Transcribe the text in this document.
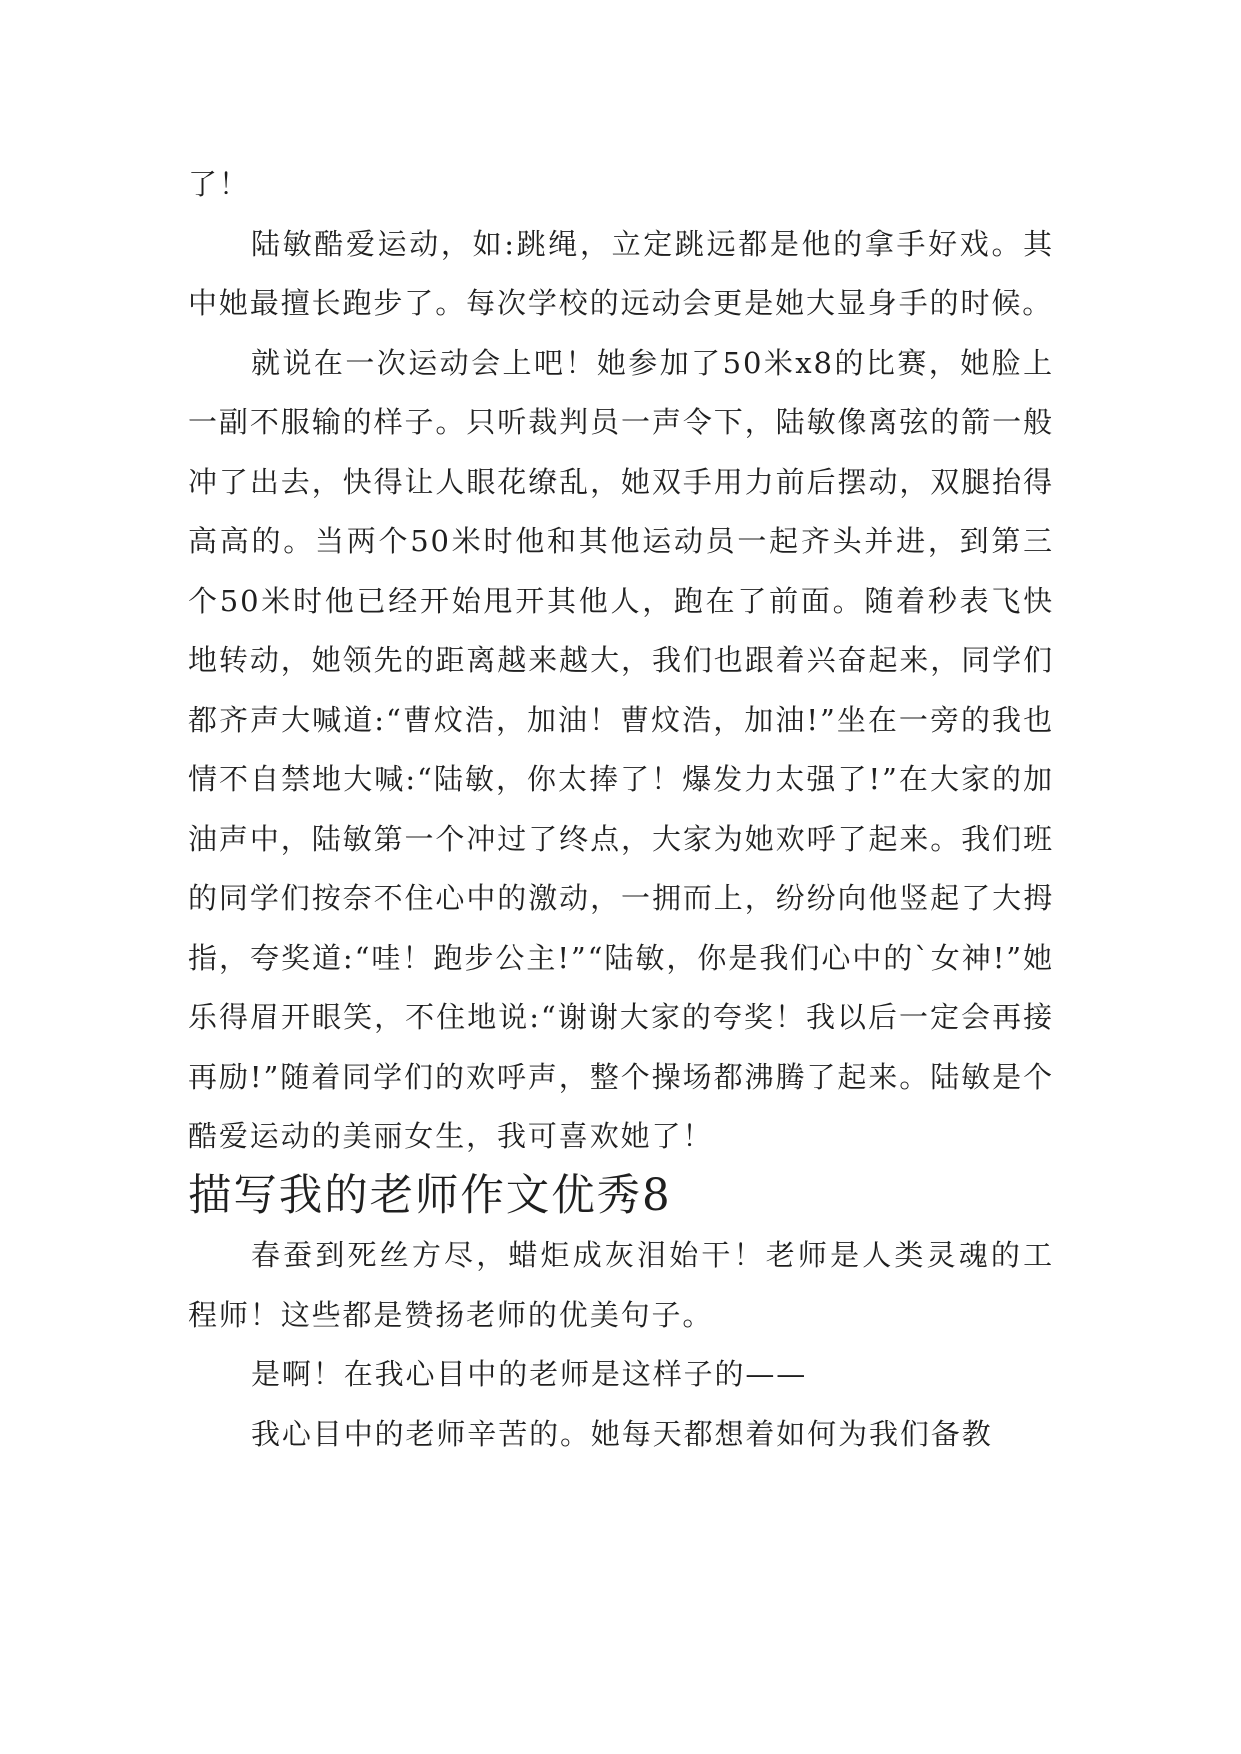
了！

陆敏酷爱运动，如:跳绳，立定跳远都是他的拿手好戏。其中她最擅长跑步了。每次学校的远动会更是她大显身手的时候。

就说在一次运动会上吧！她参加了50米x8的比赛，她脸上一副不服输的样子。只听裁判员一声令下，陆敏像离弦的箭一般冲了出去，快得让人眼花缭乱，她双手用力前后摆动，双腿抬得高高的。当两个50米时他和其他运动员一起齐头并进，到第三个50米时他已经开始甩开其他人，跑在了前面。随着秒表飞快地转动，她领先的距离越来越大，我们也跟着兴奋起来，同学们都齐声大喊道:“曹炆浩，加油！曹炆浩，加油!”坐在一旁的我也情不自禁地大喊:“陆敏，你太捧了！爆发力太强了!”在大家的加油声中，陆敏第一个冲过了终点，大家为她欢呼了起来。我们班的同学们按奈不住心中的激动，一拥而上，纷纷向他竖起了大拇指，夸奖道:“哇！跑步公主!”“陆敏，你是我们心中的`女神!”她乐得眉开眼笑，不住地说:“谢谢大家的夸奖！我以后一定会再接再励!”随着同学们的欢呼声，整个操场都沸腾了起来。陆敏是个酷爱运动的美丽女生，我可喜欢她了！

描写我的老师作文优秀8

春蚕到死丝方尽，蜡炬成灰泪始干！老师是人类灵魂的工程师！这些都是赞扬老师的优美句子。

是啊！在我心目中的老师是这样子的——

我心目中的老师辛苦的。她每天都想着如何为我们备教
